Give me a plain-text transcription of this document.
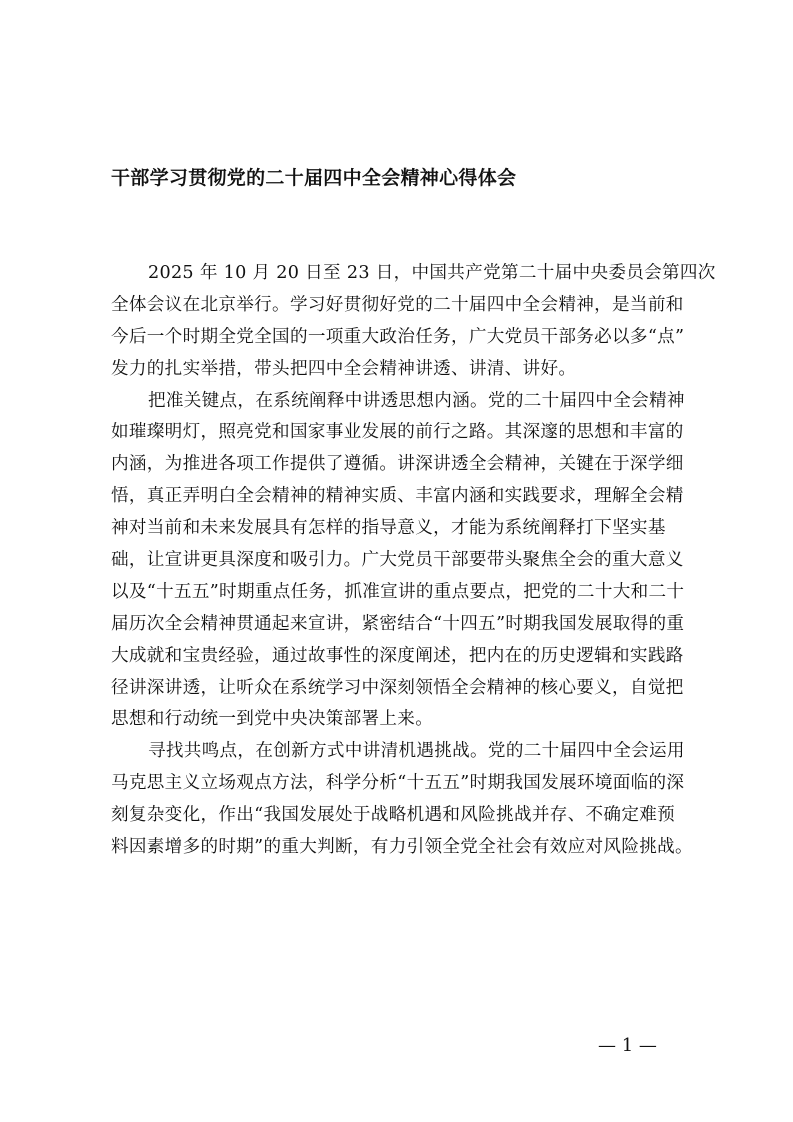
干部学习贯彻党的二十届四中全会精神心得体会

2025 年 10 月 20 日至 23 日，中国共产党第二十届中央委员会第四次
全体会议在北京举行。学习好贯彻好党的二十届四中全会精神，是当前和
今后一个时期全党全国的一项重大政治任务，广大党员干部务必以多“点”
发力的扎实举措，带头把四中全会精神讲透、讲清、讲好。

把准关键点，在系统阐释中讲透思想内涵。党的二十届四中全会精神
如璀璨明灯，照亮党和国家事业发展的前行之路。其深邃的思想和丰富的
内涵，为推进各项工作提供了遵循。讲深讲透全会精神，关键在于深学细
悟，真正弄明白全会精神的精神实质、丰富内涵和实践要求，理解全会精
神对当前和未来发展具有怎样的指导意义，才能为系统阐释打下坚实基
础，让宣讲更具深度和吸引力。广大党员干部要带头聚焦全会的重大意义
以及“十五五”时期重点任务，抓准宣讲的重点要点，把党的二十大和二十
届历次全会精神贯通起来宣讲，紧密结合“十四五”时期我国发展取得的重
大成就和宝贵经验，通过故事性的深度阐述，把内在的历史逻辑和实践路
径讲深讲透，让听众在系统学习中深刻领悟全会精神的核心要义，自觉把
思想和行动统一到党中央决策部署上来。

寻找共鸣点，在创新方式中讲清机遇挑战。党的二十届四中全会运用
马克思主义立场观点方法，科学分析“十五五”时期我国发展环境面临的深
刻复杂变化，作出“我国发展处于战略机遇和风险挑战并存、不确定难预
料因素增多的时期”的重大判断，有力引领全党全社会有效应对风险挑战。

— 1 —
